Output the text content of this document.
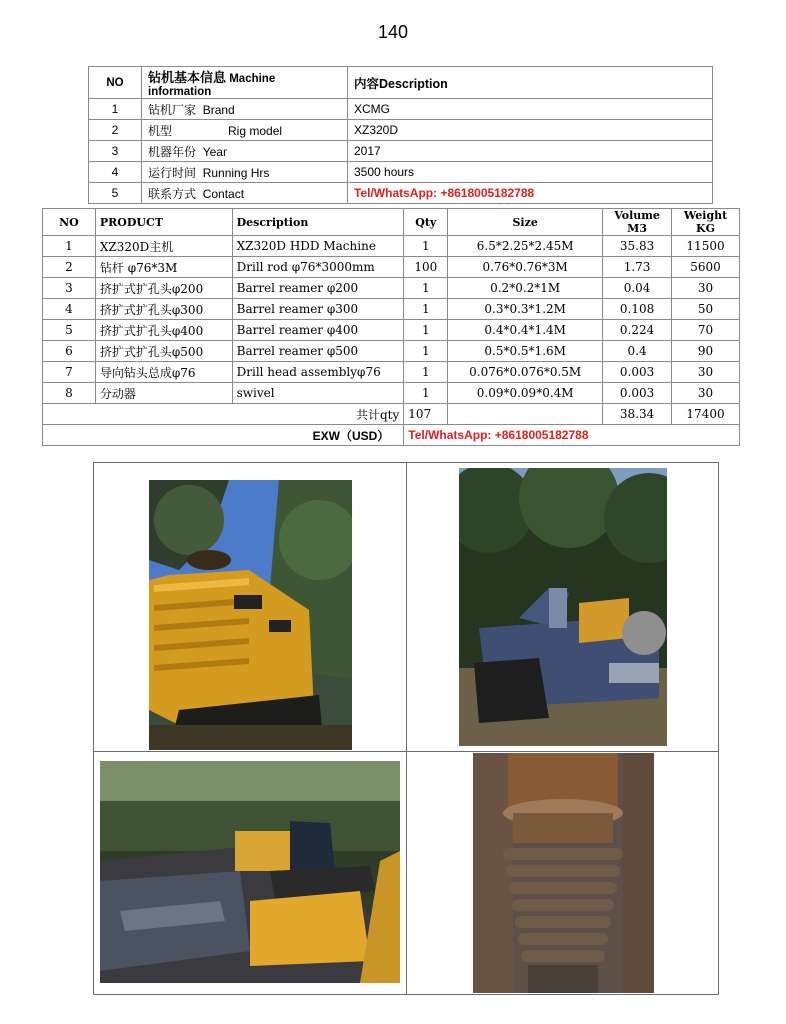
140
NO	钻机基本信息 Machine information	内容Description
1	钻机厂家 Brand	XCMG
2	机型 Rig model	XZ320D
3	机器年份 Year	2017
4	运行时间 Running Hrs	3500 hours
5	联系方式 Contact	Tel/WhatsApp: +8618005182788
NO	PRODUCT	Description	Qty	Size	Volume M3	Weight KG
1	XZ320D主机	XZ320D HDD Machine	1	6.5*2.25*2.45M	35.83	11500
2	钻杆 φ76*3M	Drill rod φ76*3000mm	100	0.76*0.76*3M	1.73	5600
3	挤扩式扩孔头φ200	Barrel reamer φ200	1	0.2*0.2*1M	0.04	30
4	挤扩式扩孔头φ300	Barrel reamer φ300	1	0.3*0.3*1.2M	0.108	50
5	挤扩式扩孔头φ400	Barrel reamer φ400	1	0.4*0.4*1.4M	0.224	70
6	挤扩式扩孔头φ500	Barrel reamer φ500	1	0.5*0.5*1.6M	0.4	90
7	导向钻头总成φ76	Drill head assemblyφ76	1	0.076*0.076*0.5M	0.003	30
8	分动器	swivel	1	0.09*0.09*0.4M	0.003	30
共计qty			107		38.34	17400
EXW（USD）			Tel/WhatsApp: +8618005182788			
